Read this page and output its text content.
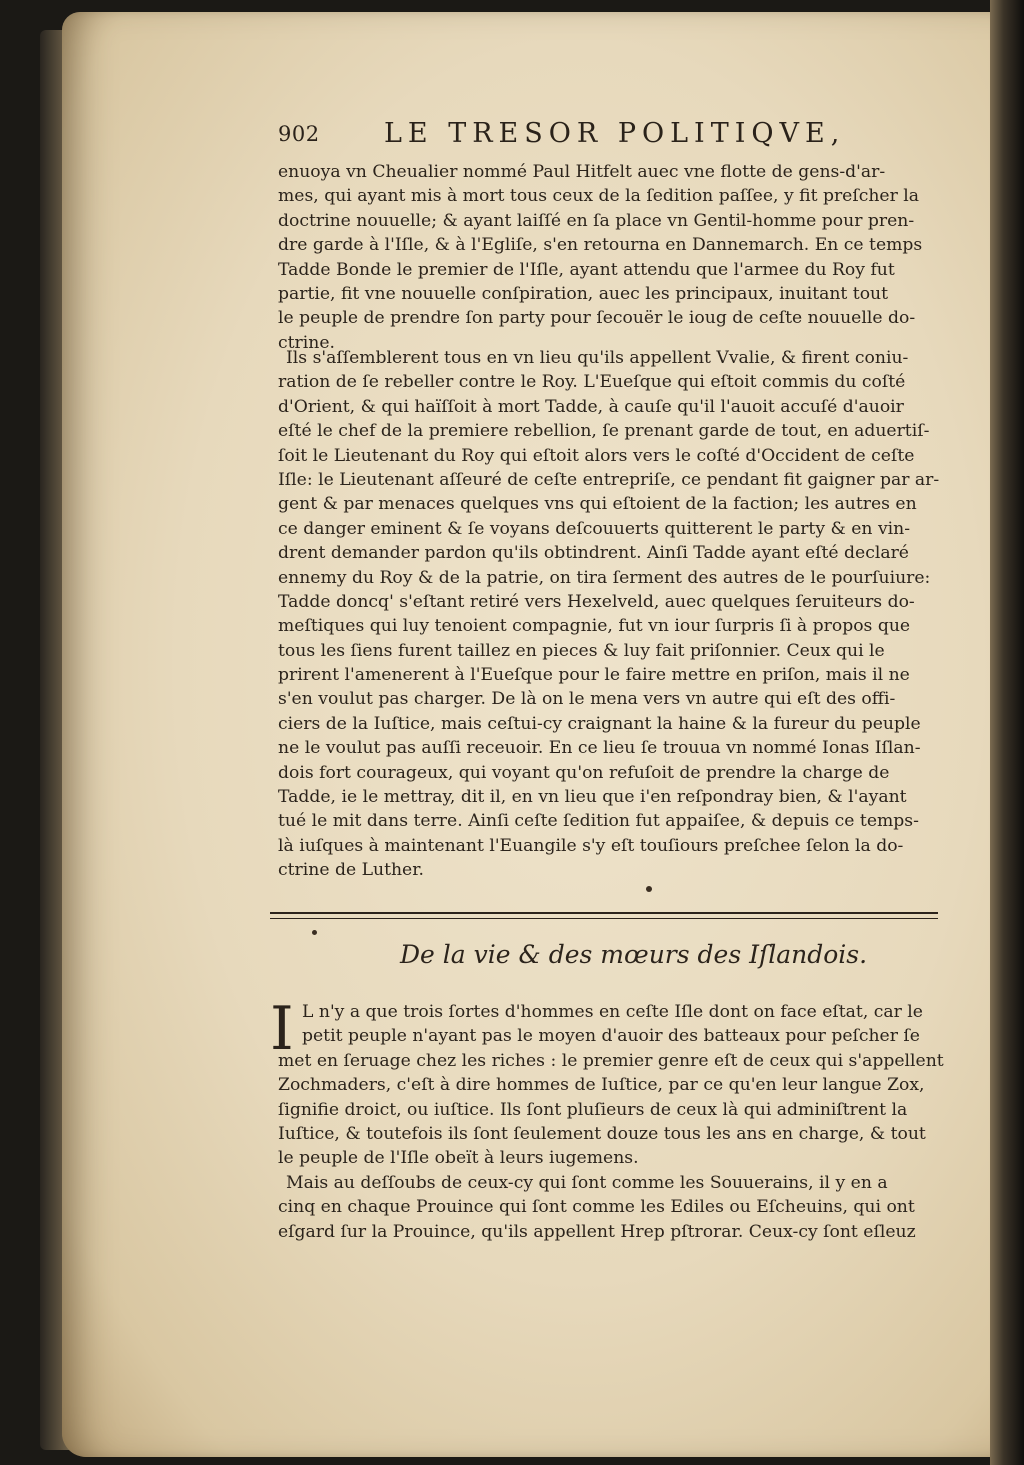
902 LE TRESOR POLITIQVE,
enuoya vn Cheualier nommé Paul Hitfelt auec vne flotte de gens-d'ar-
mes, qui ayant mis à mort tous ceux de la ſedition paſſee, y fit preſcher la
doctrine nouuelle; & ayant laiſſé en ſa place vn Gentil-homme pour pren-
dre garde à l'Iſle, & à l'Egliſe, s'en retourna en Dannemarch. En ce temps
Tadde Bonde le premier de l'Iſle, ayant attendu que l'armee du Roy fut
partie, fit vne nouuelle conſpiration, auec les principaux, inuitant tout
le peuple de prendre ſon party pour ſecouër le ioug de ceſte nouuelle do-
ctrine.
Ils s'aſſemblerent tous en vn lieu qu'ils appellent Vvalie, & firent coniu-
ration de ſe rebeller contre le Roy. L'Eueſque qui eſtoit commis du coſté
d'Orient, & qui haïſſoit à mort Tadde, à cauſe qu'il l'auoit accuſé d'auoir
eſté le chef de la premiere rebellion, ſe prenant garde de tout, en aduertiſ-
ſoit le Lieutenant du Roy qui eſtoit alors vers le coſté d'Occident de ceſte
Iſle: le Lieutenant aſſeuré de ceſte entrepriſe, ce pendant fit gaigner par ar-
gent & par menaces quelques vns qui eſtoient de la faction; les autres en
ce danger eminent & ſe voyans deſcouuerts quitterent le party & en vin-
drent demander pardon qu'ils obtindrent. Ainſi Tadde ayant eſté declaré
ennemy du Roy & de la patrie, on tira ſerment des autres de le pourſuiure:
Tadde doncq' s'eſtant retiré vers Hexelveld, auec quelques ſeruiteurs do-
meſtiques qui luy tenoient compagnie, fut vn iour ſurpris ſi à propos que
tous les ſiens furent taillez en pieces & luy fait priſonnier. Ceux qui le
prirent l'amenerent à l'Eueſque pour le faire mettre en priſon, mais il ne
s'en voulut pas charger. De là on le mena vers vn autre qui eſt des offi-
ciers de la Iuſtice, mais ceſtui-cy craignant la haine & la fureur du peuple
ne le voulut pas auſſi receuoir. En ce lieu ſe trouua vn nommé Ionas Iſlan-
dois fort courageux, qui voyant qu'on refuſoit de prendre la charge de
Tadde, ie le mettray, dit il, en vn lieu que i'en reſpondray bien, & l'ayant
tué le mit dans terre. Ainſi ceſte ſedition fut appaiſee, & depuis ce temps-
là iuſques à maintenant l'Euangile s'y eſt touſiours preſchee ſelon la do-
ctrine de Luther.
De la vie & des mœurs des Iſlandois.
I L n'y a que trois ſortes d'hommes en ceſte Iſle dont on face eſtat, car le
petit peuple n'ayant pas le moyen d'auoir des batteaux pour peſcher ſe
met en ſeruage chez les riches : le premier genre eſt de ceux qui s'appellent
Zochmaders, c'eſt à dire hommes de Iuſtice, par ce qu'en leur langue Zox,
ſignifie droict, ou iuſtice. Ils ſont pluſieurs de ceux là qui adminiſtrent la
Iuſtice, & toutefois ils ſont ſeulement douze tous les ans en charge, & tout
le peuple de l'Iſle obeït à leurs iugemens.
Mais au deſſoubs de ceux-cy qui ſont comme les Souuerains, il y en a
cinq en chaque Prouince qui ſont comme les Ediles ou Eſcheuins, qui ont
eſgard ſur la Prouince, qu'ils appellent Hrep pſtrorar. Ceux-cy ſont eſleuz
